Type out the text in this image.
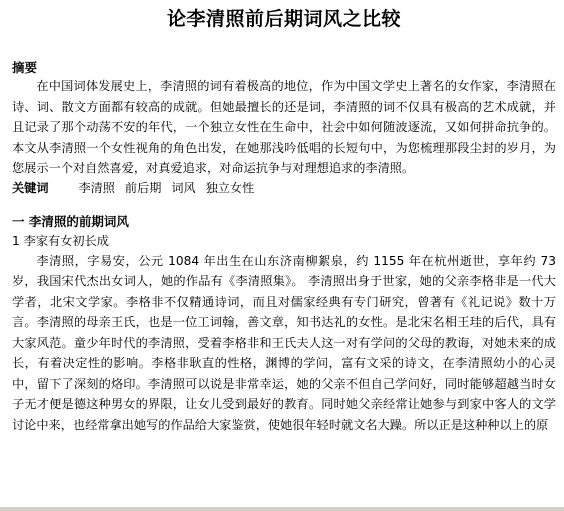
论李清照前后期词风之比较
摘要

在中国词体发展史上，李清照的词有着极高的地位，作为中国文学史上著名的女作家，李清照在诗、词、散文方面都有较高的成就。但她最擅长的还是词，李清照的词不仅具有极高的艺术成就，并且记录了那个动荡不安的年代，一个独立女性在生命中，社会中如何随波逐流，又如何拼命抗争的。本文从李清照一个女性视角的角色出发，在她那浅吟低唱的长短句中，为您梳理那段尘封的岁月，为您展示一个对自然喜爱，对真爱追求，对命运抗争与对理想追求的李清照。

关键词 李清照 前后期 词风 独立女性
一 李清照的前期词风
1 李家有女初长成

李清照，字易安，公元 1084 年出生在山东济南柳絮泉，约 1155 年在杭州逝世，享年约 73 岁，我国宋代杰出女词人，她的作品有《李清照集》。 李清照出身于世家，她的父亲李格非是一代大学者，北宋文学家。李格非不仅精通诗词，而且对儒家经典有专门研究，曾著有《礼记说》数十万言。李清照的母亲王氏，也是一位工词翰，善文章，知书达礼的女性。是北宋名相王珪的后代，具有大家风范。童少年时代的李清照，受着李格非和王氏夫人这一对有学问的父母的教诲，对她未来的成长，有着决定性的影响。李格非耿直的性格，渊博的学问，富有文采的诗文，在李清照幼小的心灵中，留下了深刻的烙印。李清照可以说是非常幸运，她的父亲不但自己学问好，同时能够超越当时女子无才便是德这种男女的界限，让女儿受到最好的教育。同时她父亲经常让她参与到家中客人的文学讨论中来，也经常拿出她写的作品给大家鉴赏，使她很年轻时就文名大躁。所以正是这种种以上的原
